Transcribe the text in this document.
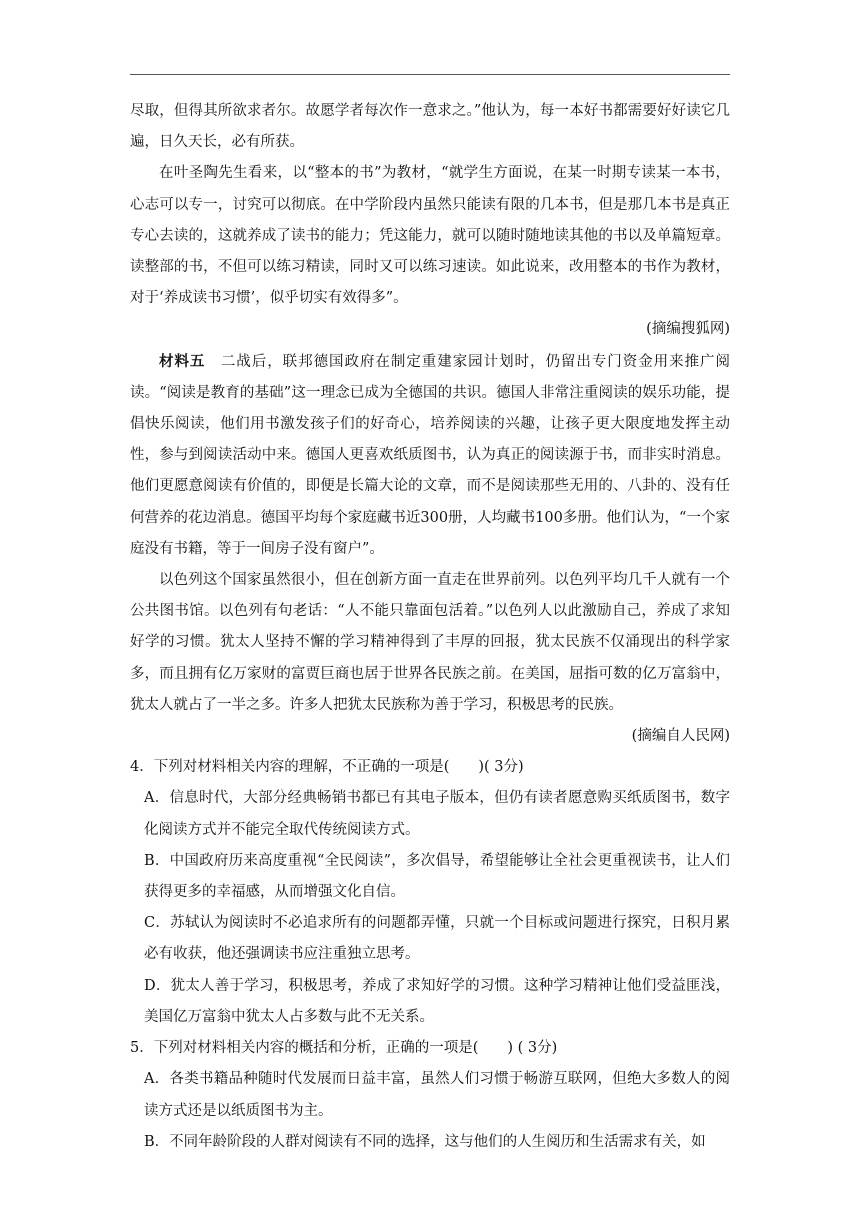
尽取，但得其所欲求者尔。故愿学者每次作一意求之。”他认为，每一本好书都需要好好读它几遍，日久天长，必有所获。

在叶圣陶先生看来，以“整本的书”为教材，“就学生方面说，在某一时期专读某一本书，心志可以专一，讨究可以彻底。在中学阶段内虽然只能读有限的几本书，但是那几本书是真正专心去读的，这就养成了读书的能力；凭这能力，就可以随时随地读其他的书以及单篇短章。读整部的书，不但可以练习精读，同时又可以练习速读。如此说来，改用整本的书作为教材，对于‘养成读书习惯’，似乎切实有效得多”。

(摘编搜狐网)

材料五　 二战后，联邦德国政府在制定重建家园计划时，仍留出专门资金用来推广阅读。“阅读是教育的基础”这一理念已成为全德国的共识。德国人非常注重阅读的娱乐功能，提倡快乐阅读，他们用书激发孩子们的好奇心，培养阅读的兴趣，让孩子更大限度地发挥主动性，参与到阅读活动中来。德国人更喜欢纸质图书，认为真正的阅读源于书，而非实时消息。他们更愿意阅读有价值的，即便是长篇大论的文章，而不是阅读那些无用的、八卦的、没有任何营养的花边消息。德国平均每个家庭藏书近300册，人均藏书100多册。他们认为，“一个家庭没有书籍，等于一间房子没有窗户”。

以色列这个国家虽然很小，但在创新方面一直走在世界前列。以色列平均几千人就有一个公共图书馆。以色列有句老话：“人不能只靠面包活着。”以色列人以此激励自己，养成了求知好学的习惯。犹太人坚持不懈的学习精神得到了丰厚的回报，犹太民族不仅涌现出的科学家多，而且拥有亿万家财的富贾巨商也居于世界各民族之前。在美国，屈指可数的亿万富翁中，犹太人就占了一半之多。许多人把犹太民族称为善于学习，积极思考的民族。

(摘编自人民网)

4．下列对材料相关内容的理解，不正确的一项是(　　)( 3分)

A．信息时代，大部分经典畅销书都已有其电子版本，但仍有读者愿意购买纸质图书，数字化阅读方式并不能完全取代传统阅读方式。

B．中国政府历来高度重视“全民阅读”，多次倡导，希望能够让全社会更重视读书，让人们获得更多的幸福感，从而增强文化自信。

C．苏轼认为阅读时不必追求所有的问题都弄懂，只就一个目标或问题进行探究，日积月累必有收获，他还强调读书应注重独立思考。

D．犹太人善于学习，积极思考，养成了求知好学的习惯。这种学习精神让他们受益匪浅，美国亿万富翁中犹太人占多数与此不无关系。

5．下列对材料相关内容的概括和分析，正确的一项是(　　) ( 3分)

A．各类书籍品种随时代发展而日益丰富，虽然人们习惯于畅游互联网，但绝大多数人的阅读方式还是以纸质图书为主。

B．不同年龄阶段的人群对阅读有不同的选择，这与他们的人生阅历和生活需求有关，如
